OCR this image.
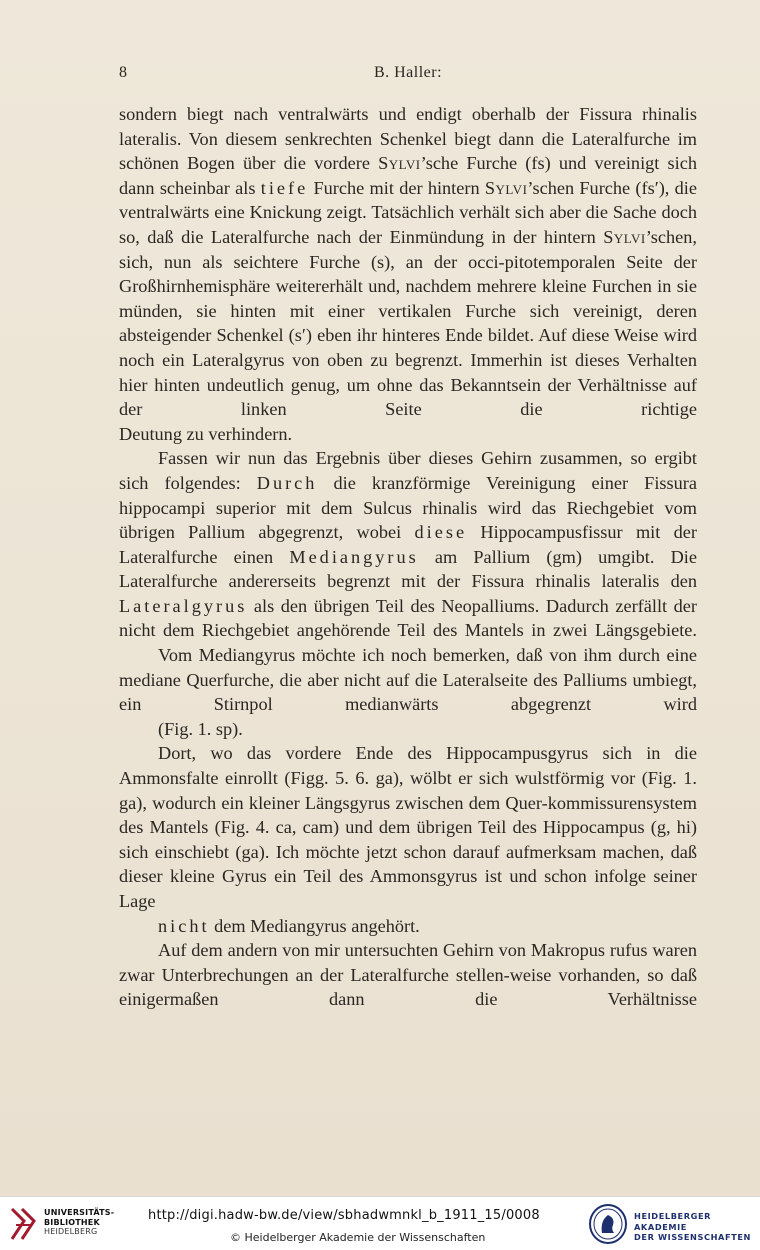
8	B. Haller:

sondern biegt nach ventralwärts und endigt oberhalb der Fissura rhinalis lateralis. Von diesem senkrechten Schenkel biegt dann die Lateralfurche im schönen Bogen über die vordere Sylvi’sche Furche (fs) und vereinigt sich dann scheinbar als tiefe Furche mit der hintern Sylvi’schen Furche (fs′), die ventralwärts eine Knickung zeigt. Tatsächlich verhält sich aber die Sache doch so, daß die Lateralfurche nach der Einmündung in der hintern Sylvi’schen, sich, nun als seichtere Furche (s), an der occi-pitotemporalen Seite der Großhirnhemisphäre weitererhält und, nachdem mehrere kleine Furchen in sie münden, sie hinten mit einer vertikalen Furche sich vereinigt, deren absteigender Schenkel (s′) eben ihr hinteres Ende bildet. Auf diese Weise wird noch ein Lateralgyrus von oben zu begrenzt. Immerhin ist dieses Verhalten hier hinten undeutlich genug, um ohne das Bekanntsein der Verhältnisse auf der linken Seite die richtige
Deutung zu verhindern.

Fassen wir nun das Ergebnis über dieses Gehirn zusammen, so ergibt sich folgendes: Durch die kranzförmige Vereinigung einer Fissura hippocampi superior mit dem Sulcus rhinalis wird das Riechgebiet vom übrigen Pallium abgegrenzt, wobei diese Hippocampusfissur mit der Lateralfurche einen Mediangyrus am Pallium (gm) umgibt. Die Lateralfurche andererseits begrenzt mit der Fissura rhinalis lateralis den Lateralgyrus als den übrigen Teil des Neopalliums. Dadurch zerfällt der nicht dem Riechgebiet angehörende Teil des Mantels in zwei Längsgebiete.

Vom Mediangyrus möchte ich noch bemerken, daß von ihm durch eine mediane Querfurche, die aber nicht auf die Lateralseite des Palliums umbiegt, ein Stirnpol medianwärts abgegrenzt wird
(Fig. 1. sp).

Dort, wo das vordere Ende des Hippocampusgyrus sich in die Ammonsfalte einrollt (Figg. 5. 6. ga), wölbt er sich wulstförmig vor (Fig. 1. ga), wodurch ein kleiner Längsgyrus zwischen dem Quer-kommissurensystem des Mantels (Fig. 4. ca, cam) und dem übrigen Teil des Hippocampus (g, hi) sich einschiebt (ga). Ich möchte jetzt schon darauf aufmerksam machen, daß dieser kleine Gyrus ein Teil des Ammonsgyrus ist und schon infolge seiner Lage
nicht dem Mediangyrus angehört.

Auf dem andern von mir untersuchten Gehirn von Makropus rufus waren zwar Unterbrechungen an der Lateralfurche stellen-weise vorhanden, so daß einigermaßen dann die Verhältnisse

UNIVERSITÄTS-
BIBLIOTHEK
HEIDELBERG
http://digi.hadw-bw.de/view/sbhadwmnkl_b_1911_15/0008
© Heidelberger Akademie der Wissenschaften
HEIDELBERGER AKADEMIE
DER WISSENSCHAFTEN
